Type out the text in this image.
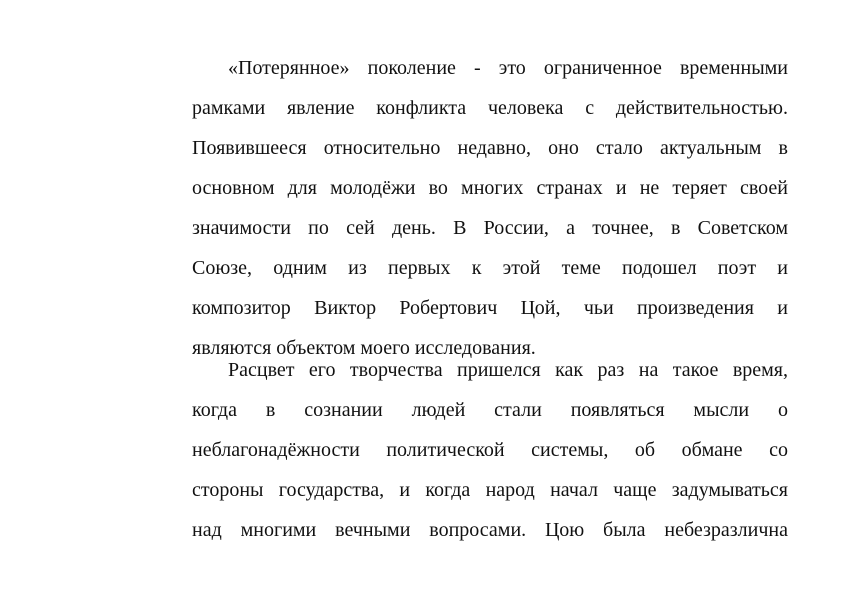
«Потерянное» поколение - это ограниченное временными
рамками явление конфликта человека с действительностью.
Появившееся относительно недавно, оно стало актуальным в
основном для молодёжи во многих странах и не теряет своей
значимости по сей день. В России, а точнее, в Советском
Союзе, одним из первых к этой теме подошел поэт и
композитор Виктор Робертович Цой, чьи произведения и
являются объектом моего исследования.
Расцвет его творчества пришелся как раз на такое время,
когда в сознании людей стали появляться мысли о
неблагонадёжности политической системы, об обмане со
стороны государства, и когда народ начал чаще задумываться
над многими вечными вопросами. Цою была небезразлична
